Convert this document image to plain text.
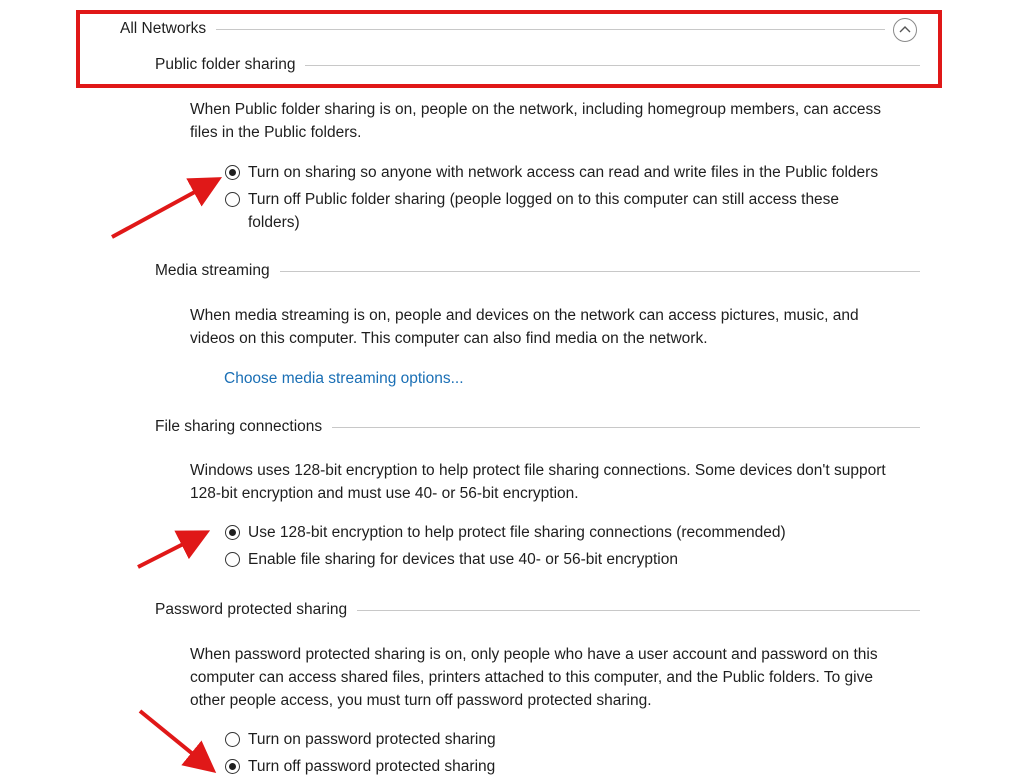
All Networks
Public folder sharing
When Public folder sharing is on, people on the network, including homegroup members, can access files in the Public folders.
Turn on sharing so anyone with network access can read and write files in the Public folders
Turn off Public folder sharing (people logged on to this computer can still access these folders)
Media streaming
When media streaming is on, people and devices on the network can access pictures, music, and videos on this computer. This computer can also find media on the network.
Choose media streaming options...
File sharing connections
Windows uses 128-bit encryption to help protect file sharing connections. Some devices don't support 128-bit encryption and must use 40- or 56-bit encryption.
Use 128-bit encryption to help protect file sharing connections (recommended)
Enable file sharing for devices that use 40- or 56-bit encryption
Password protected sharing
When password protected sharing is on, only people who have a user account and password on this computer can access shared files, printers attached to this computer, and the Public folders. To give other people access, you must turn off password protected sharing.
Turn on password protected sharing
Turn off password protected sharing
